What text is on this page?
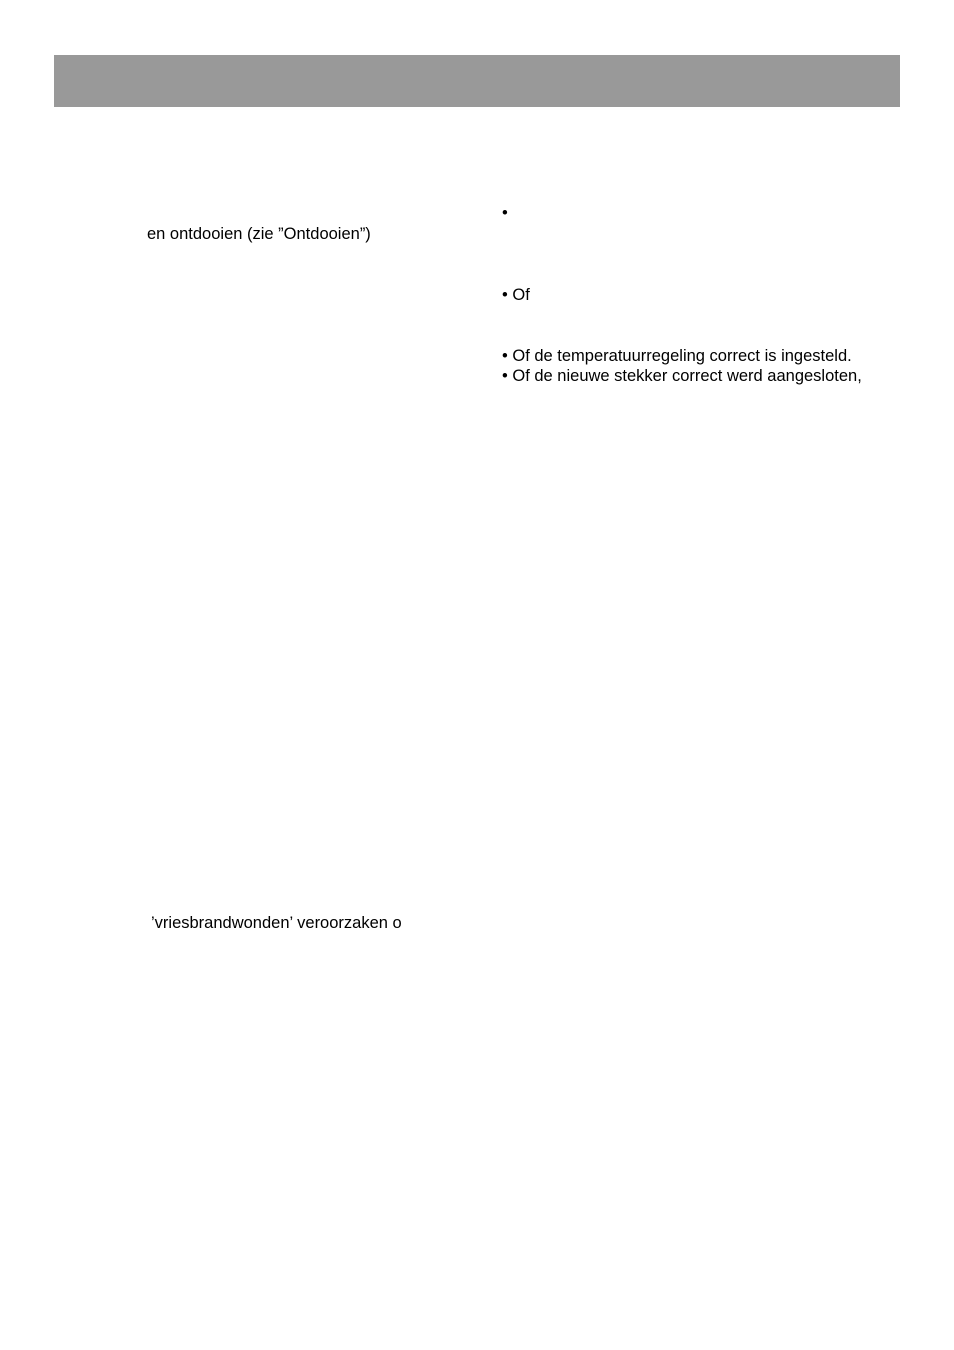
en ontdooien (zie ”Ontdooien”)
•
• Of
• Of de temperatuurregeling correct is ingesteld.
• Of de nieuwe stekker correct werd aangesloten,
’vriesbrandwonden’ veroorzaken o
